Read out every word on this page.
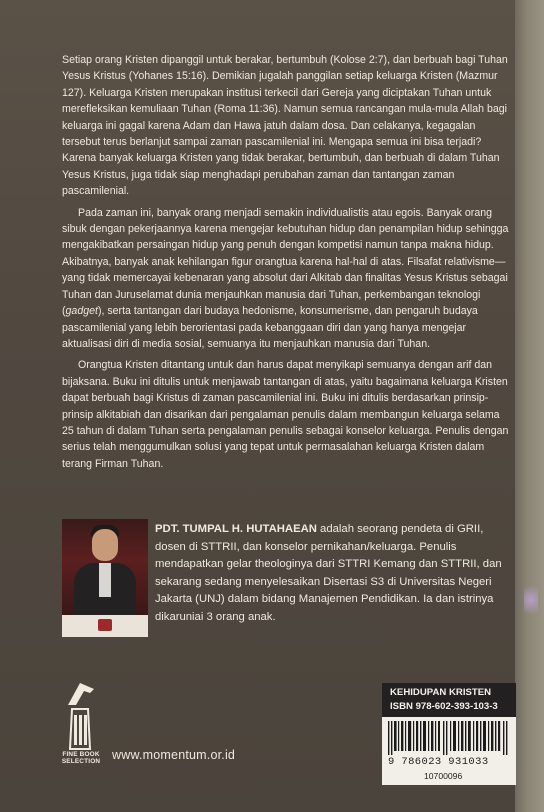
Setiap orang Kristen dipanggil untuk berakar, bertumbuh (Kolose 2:7), dan berbuah bagi Tuhan Yesus Kristus (Yohanes 15:16). Demikian jugalah panggilan setiap keluarga Kristen (Mazmur 127). Keluarga Kristen merupakan institusi terkecil dari Gereja yang diciptakan Tuhan untuk merefleksikan kemuliaan Tuhan (Roma 11:36). Namun semua rancangan mula-mula Allah bagi keluarga ini gagal karena Adam dan Hawa jatuh dalam dosa. Dan celakanya, kegagalan tersebut terus berlanjut sampai zaman pascamilenial ini. Mengapa semua ini bisa terjadi? Karena banyak keluarga Kristen yang tidak berakar, bertumbuh, dan berbuah di dalam Tuhan Yesus Kristus, juga tidak siap menghadapi perubahan zaman dan tantangan zaman pascamilenial.

Pada zaman ini, banyak orang menjadi semakin individualistis atau egois. Banyak orang sibuk dengan pekerjaannya karena mengejar kebutuhan hidup dan penampilan hidup sehingga mengakibatkan persaingan hidup yang penuh dengan kompetisi namun tanpa makna hidup. Akibatnya, banyak anak kehilangan figur orangtua karena hal-hal di atas. Filsafat relativisme—yang tidak memercayai kebenaran yang absolut dari Alkitab dan finalitas Yesus Kristus sebagai Tuhan dan Juruselamat dunia menjauhkan manusia dari Tuhan, perkembangan teknologi (gadget), serta tantangan dari budaya hedonisme, konsumerisme, dan pengaruh budaya pascamilenial yang lebih berorientasi pada kebanggaan diri dan yang hanya mengejar aktualisasi diri di media sosial, semuanya itu menjauhkan manusia dari Tuhan.

Orangtua Kristen ditantang untuk dan harus dapat menyikapi semuanya dengan arif dan bijaksana. Buku ini ditulis untuk menjawab tantangan di atas, yaitu bagaimana keluarga Kristen dapat berbuah bagi Kristus di zaman pascamilenial ini. Buku ini ditulis berdasarkan prinsip-prinsip alkitabiah dan disarikan dari pengalaman penulis dalam membangun keluarga selama 25 tahun di dalam Tuhan serta pengalaman penulis sebagai konselor keluarga. Penulis dengan serius telah menggumulkan solusi yang tepat untuk permasalahan keluarga Kristen dalam terang Firman Tuhan.

PDT. TUMPAL H. HUTAHAEAN adalah seorang pendeta di GRII, dosen di STTRII, dan konselor pernikahan/keluarga. Penulis mendapatkan gelar theologinya dari STTRI Kemang dan STTRII, dan sekarang sedang menyelesaikan Disertasi S3 di Universitas Negeri Jakarta (UNJ) dalam bidang Manajemen Pendidikan. Ia dan istrinya dikaruniai 3 orang anak.
FINE BOOK SELECTION www.momentum.or.id
KEHIDUPAN KRISTEN
ISBN 978-602-393-103-3
9 786023 931033
10700096
